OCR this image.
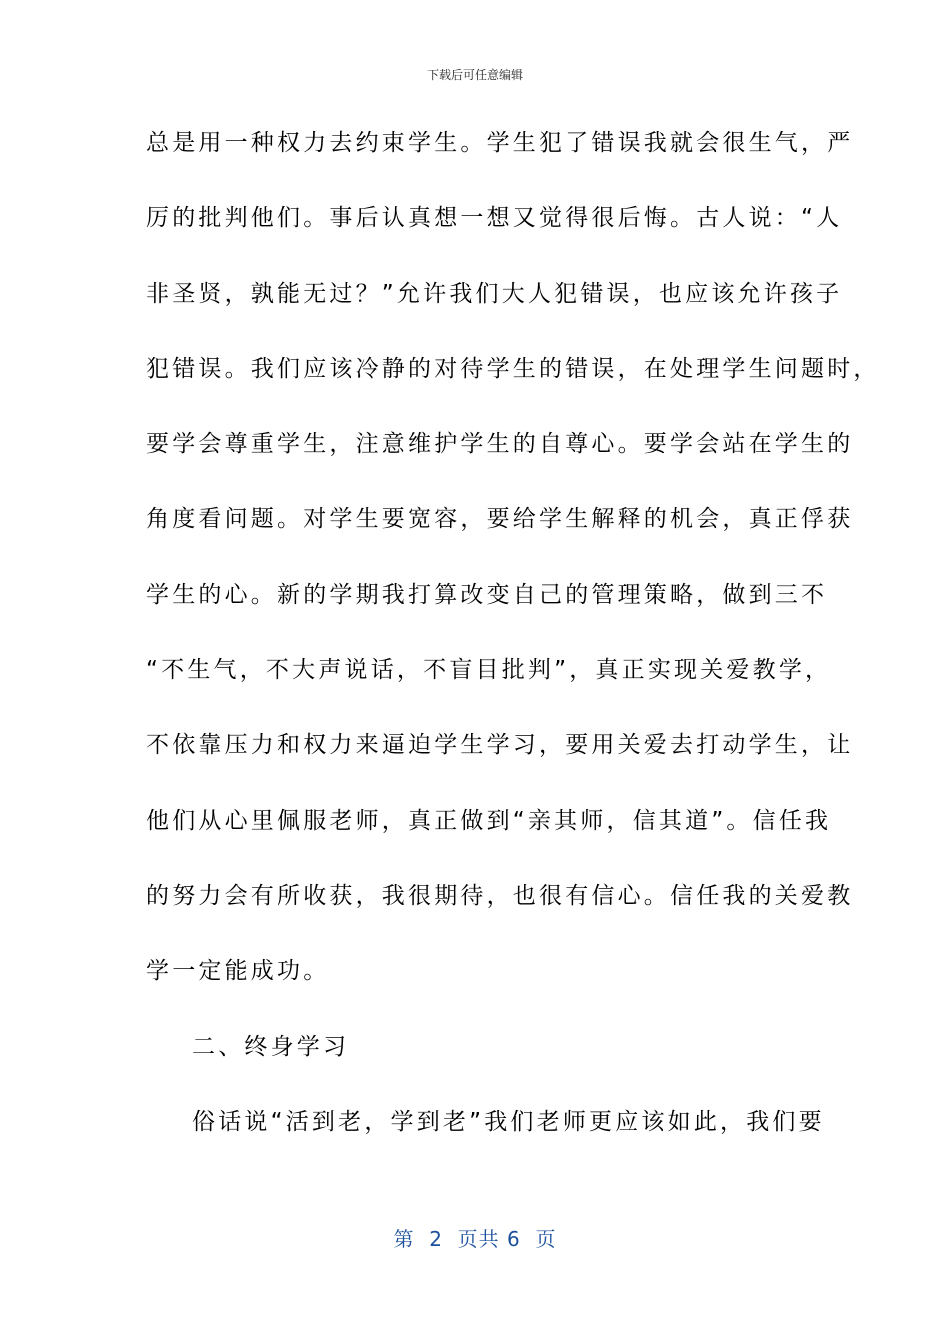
下载后可任意编辑
总是用一种权力去约束学生。学生犯了错误我就会很生气，严
厉的批判他们。事后认真想一想又觉得很后悔。古人说：“人
非圣贤，孰能无过？”允许我们大人犯错误，也应该允许孩子
犯错误。我们应该冷静的对待学生的错误，在处理学生问题时，
要学会尊重学生，注意维护学生的自尊心。要学会站在学生的
角度看问题。对学生要宽容，要给学生解释的机会，真正俘获
学生的心。新的学期我打算改变自己的管理策略，做到三不
“不生气，不大声说话，不盲目批判”，真正实现关爱教学，
不依靠压力和权力来逼迫学生学习，要用关爱去打动学生，让
他们从心里佩服老师，真正做到“亲其师，信其道”。信任我
的努力会有所收获，我很期待，也很有信心。信任我的关爱教
学一定能成功。
二、终身学习
俗话说“活到老，学到老”我们老师更应该如此，我们要
第  2  页共 6  页
